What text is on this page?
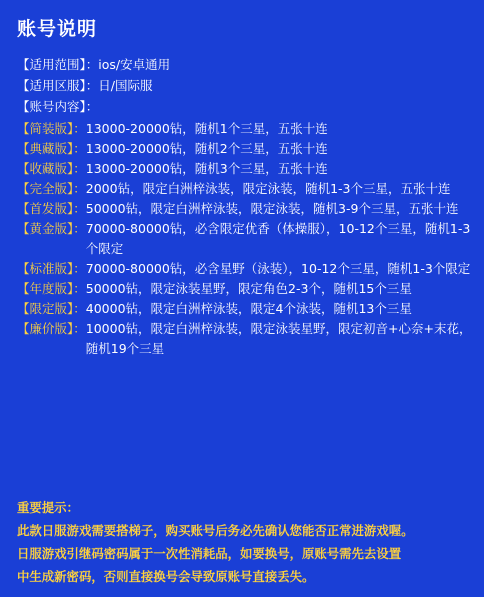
账号说明
【适用范围】： ios/安卓通用
【适用区服】： 日/国际服
【账号内容】：
【简装版】： 13000-20000钻，随机1个三星，五张十连
【典藏版】： 13000-20000钻，随机2个三星，五张十连
【收藏版】： 13000-20000钻，随机3个三星，五张十连
【完全版】： 2000钻，限定白洲梓泳装，限定泳装，随机1-3个三星，五张十连
【首发版】： 50000钻，限定白洲梓泳装，限定泳装，随机3-9个三星，五张十连
【黄金版】： 70000-80000钻，必含限定优香（体操服），10-12个三星，随机1-3个限定
【标准版】： 70000-80000钻，必含星野（泳装），10-12个三星，随机1-3个限定
【年度版】： 50000钻，限定泳装星野，限定角色2-3个，随机15个三星
【限定版】： 40000钻，限定白洲梓泳装，限定4个泳装，随机13个三星
【廉价版】： 10000钻，限定白洲梓泳装，限定泳装星野，限定初音+心奈+末花，随机19个三星
重要提示：
此款日服游戏需要搭梯子，购买账号后务必先确认您能否正常进游戏喔。
日服游戏引继码密码属于一次性消耗品，如要换号，原账号需先去设置
中生成新密码，否则直接换号会导致原账号直接丢失。
